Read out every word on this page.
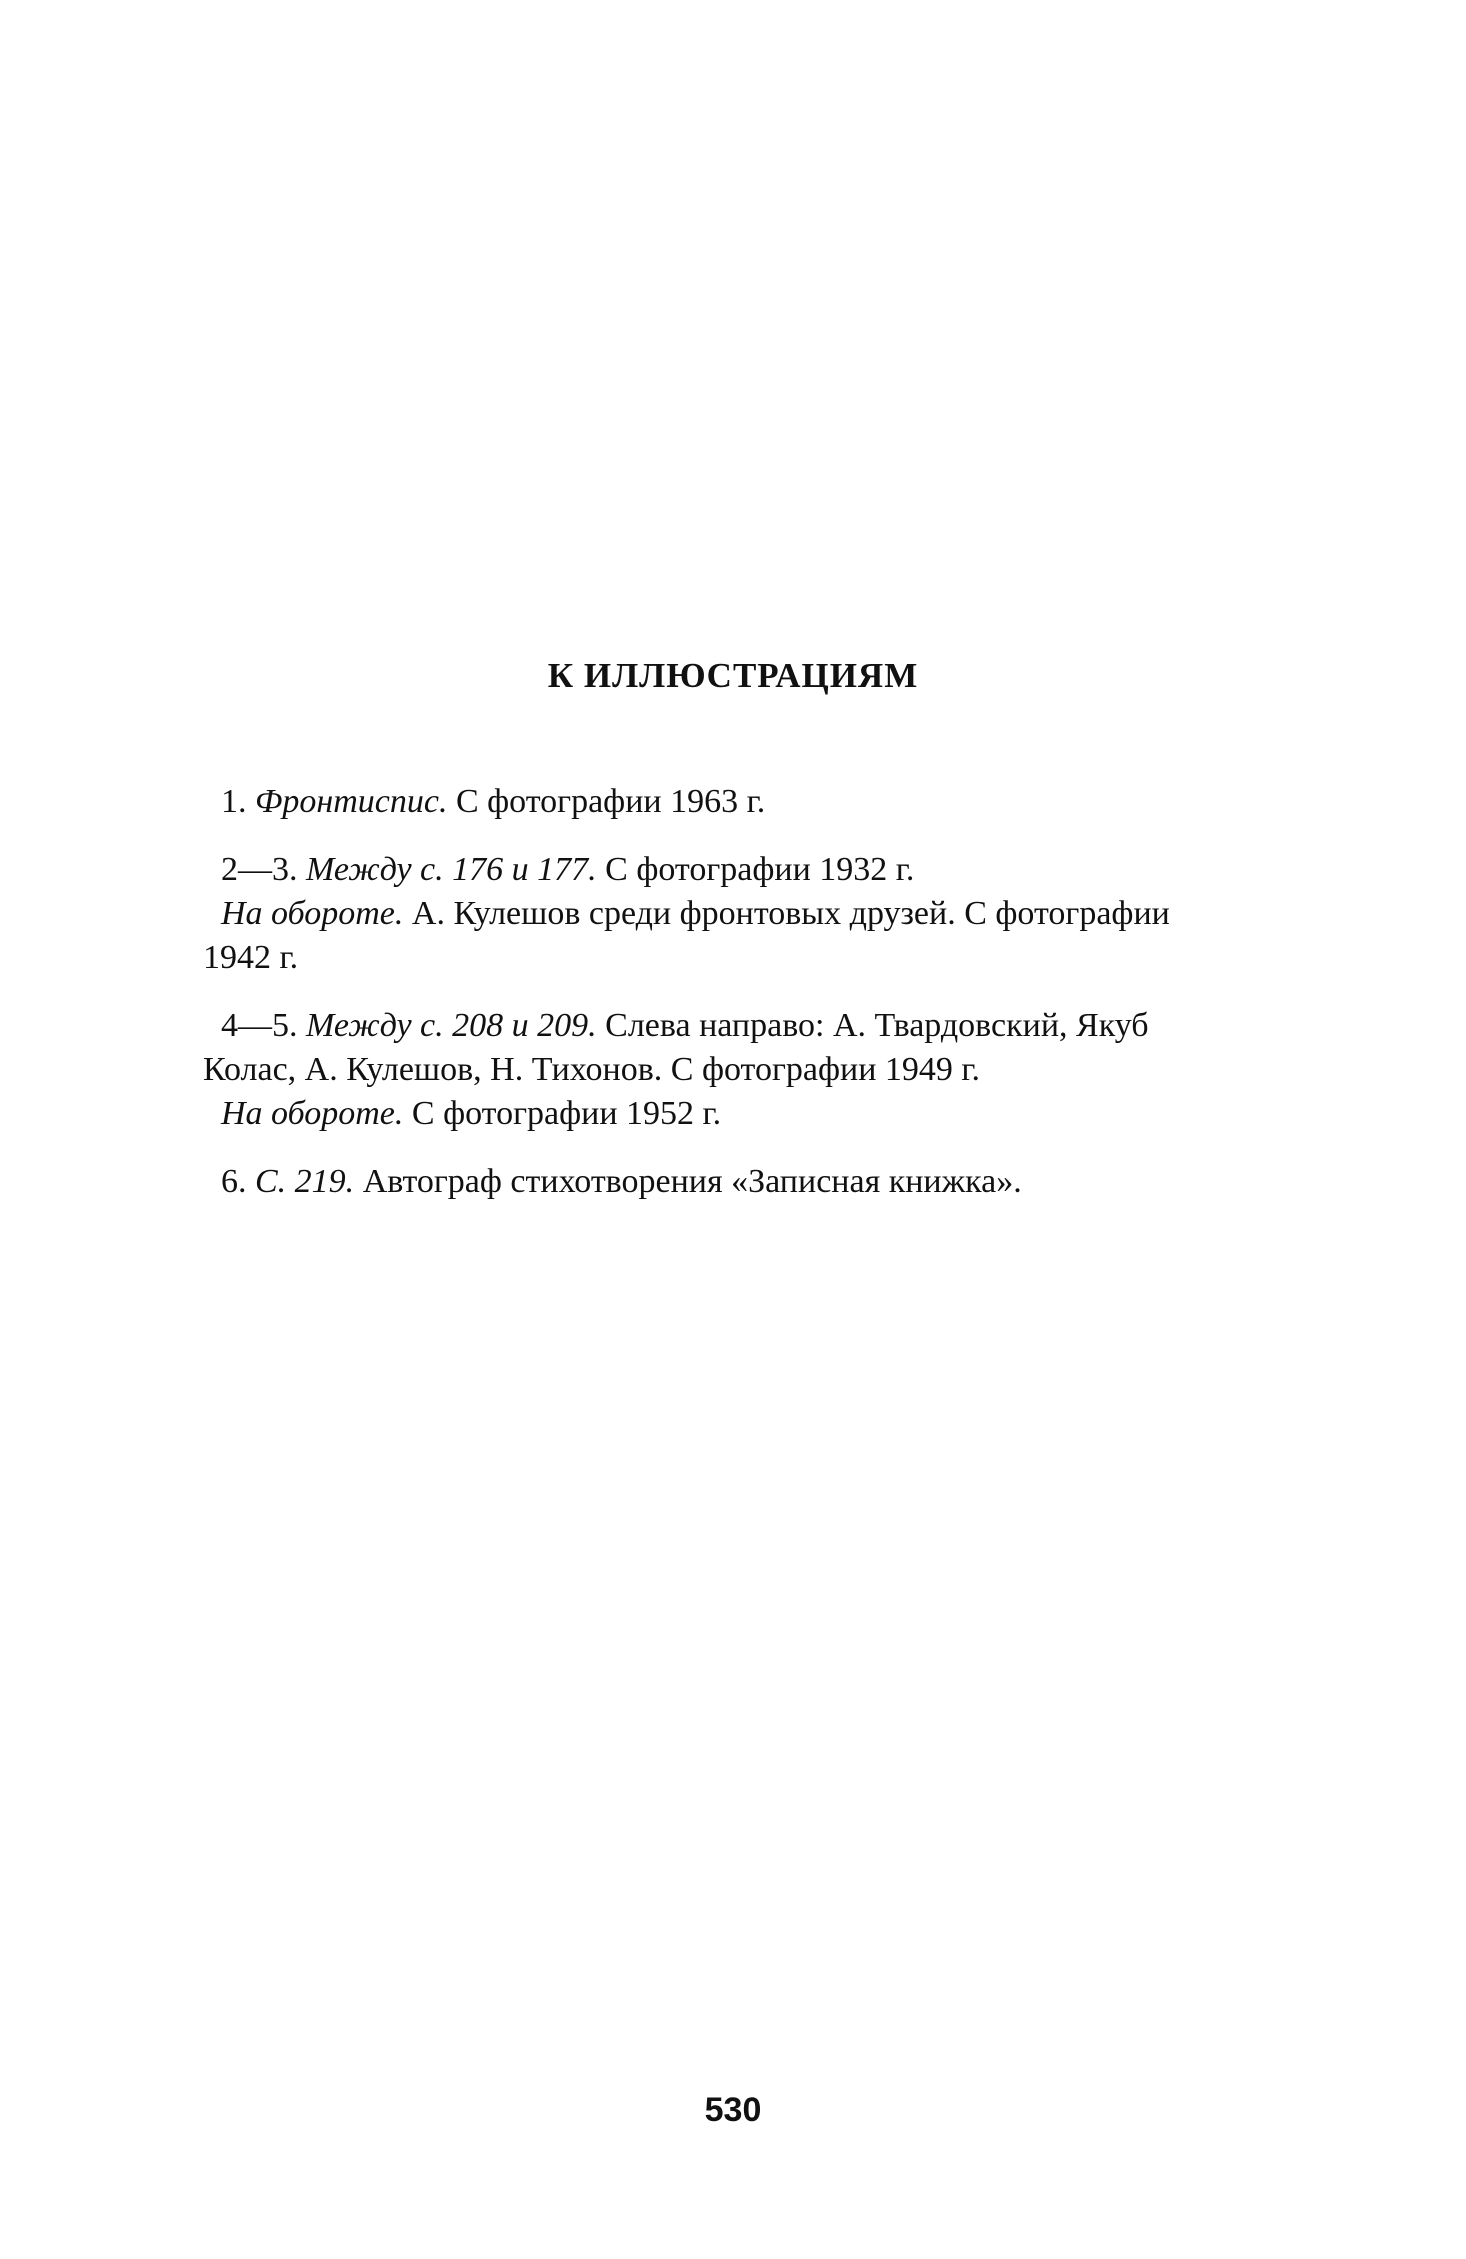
К ИЛЛЮСТРАЦИЯМ

1. Фронтиспис. С фотографии 1963 г.

2—3. Между с. 176 и 177. С фотографии 1932 г.

На обороте. А. Кулешов среди фронтовых друзей. С фотографии

1942 г.

4—5. Между с. 208 и 209. Слева направо: А. Твардовский, Якуб

Колас, А. Кулешов, Н. Тихонов. С фотографии 1949 г.

На обороте. С фотографии 1952 г.

6. С. 219. Автограф стихотворения «Записная книжка».

530
